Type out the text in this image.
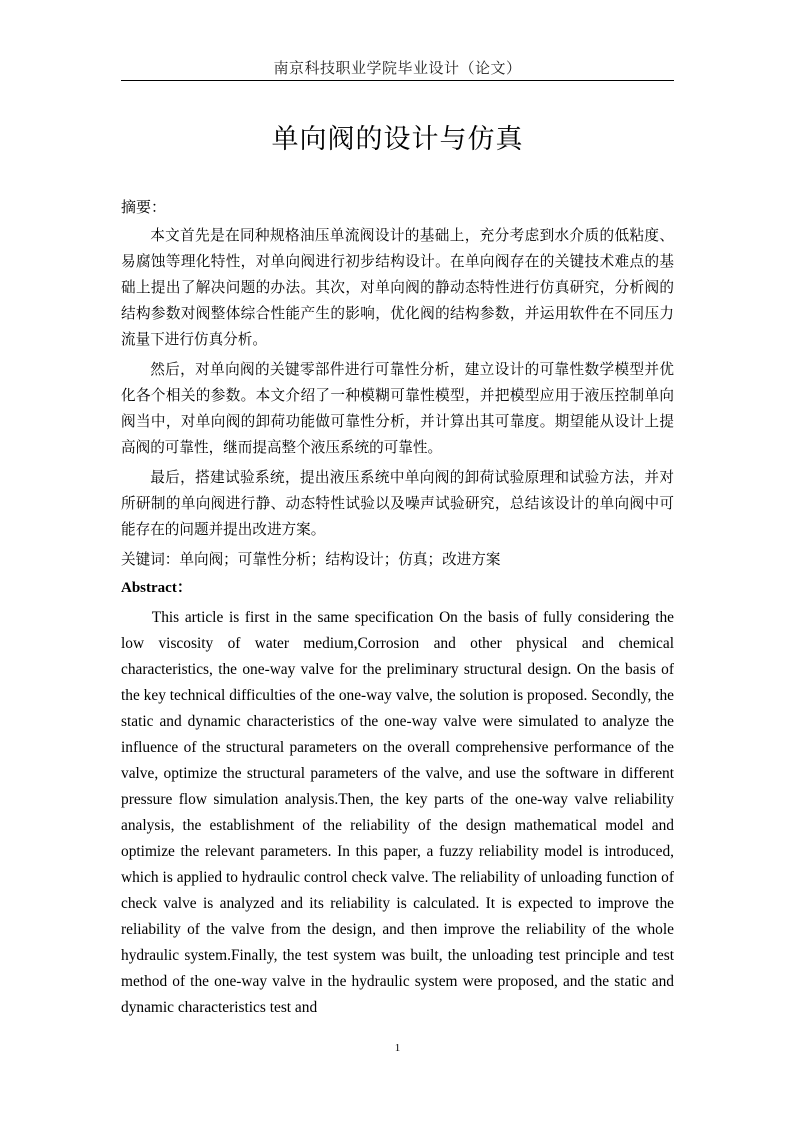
南京科技职业学院毕业设计（论文）
单向阀的设计与仿真
摘要：

本文首先是在同种规格油压单流阀设计的基础上，充分考虑到水介质的低粘度、易腐蚀等理化特性，对单向阀进行初步结构设计。在单向阀存在的关键技术难点的基础上提出了解决问题的办法。其次，对单向阀的静动态特性进行仿真研究，分析阀的结构参数对阀整体综合性能产生的影响，优化阀的结构参数，并运用软件在不同压力流量下进行仿真分析。

然后，对单向阀的关键零部件进行可靠性分析，建立设计的可靠性数学模型并优化各个相关的参数。本文介绍了一种模糊可靠性模型，并把模型应用于液压控制单向阀当中，对单向阀的卸荷功能做可靠性分析，并计算出其可靠度。期望能从设计上提高阀的可靠性，继而提高整个液压系统的可靠性。

最后，搭建试验系统，提出液压系统中单向阀的卸荷试验原理和试验方法，并对所研制的单向阀进行静、动态特性试验以及噪声试验研究，总结该设计的单向阀中可能存在的问题并提出改进方案。

关键词：单向阀；可靠性分析；结构设计；仿真；改进方案
Abstract：

This article is first in the same specification On the basis of fully considering the low viscosity of water medium,Corrosion and other physical and chemical characteristics, the one-way valve for the preliminary structural design. On the basis of the key technical difficulties of the one-way valve, the solution is proposed. Secondly, the static and dynamic characteristics of the one-way valve were simulated to analyze the influence of the structural parameters on the overall comprehensive performance of the valve, optimize the structural parameters of the valve, and use the software in different pressure flow simulation analysis.Then, the key parts of the one-way valve reliability analysis, the establishment of the reliability of the design mathematical model and optimize the relevant parameters. In this paper, a fuzzy reliability model is introduced, which is applied to hydraulic control check valve. The reliability of unloading function of check valve is analyzed and its reliability is calculated. It is expected to improve the reliability of the valve from the design, and then improve the reliability of the whole hydraulic system.Finally, the test system was built, the unloading test principle and test method of the one-way valve in the hydraulic system were proposed, and the static and dynamic characteristics test and

1
